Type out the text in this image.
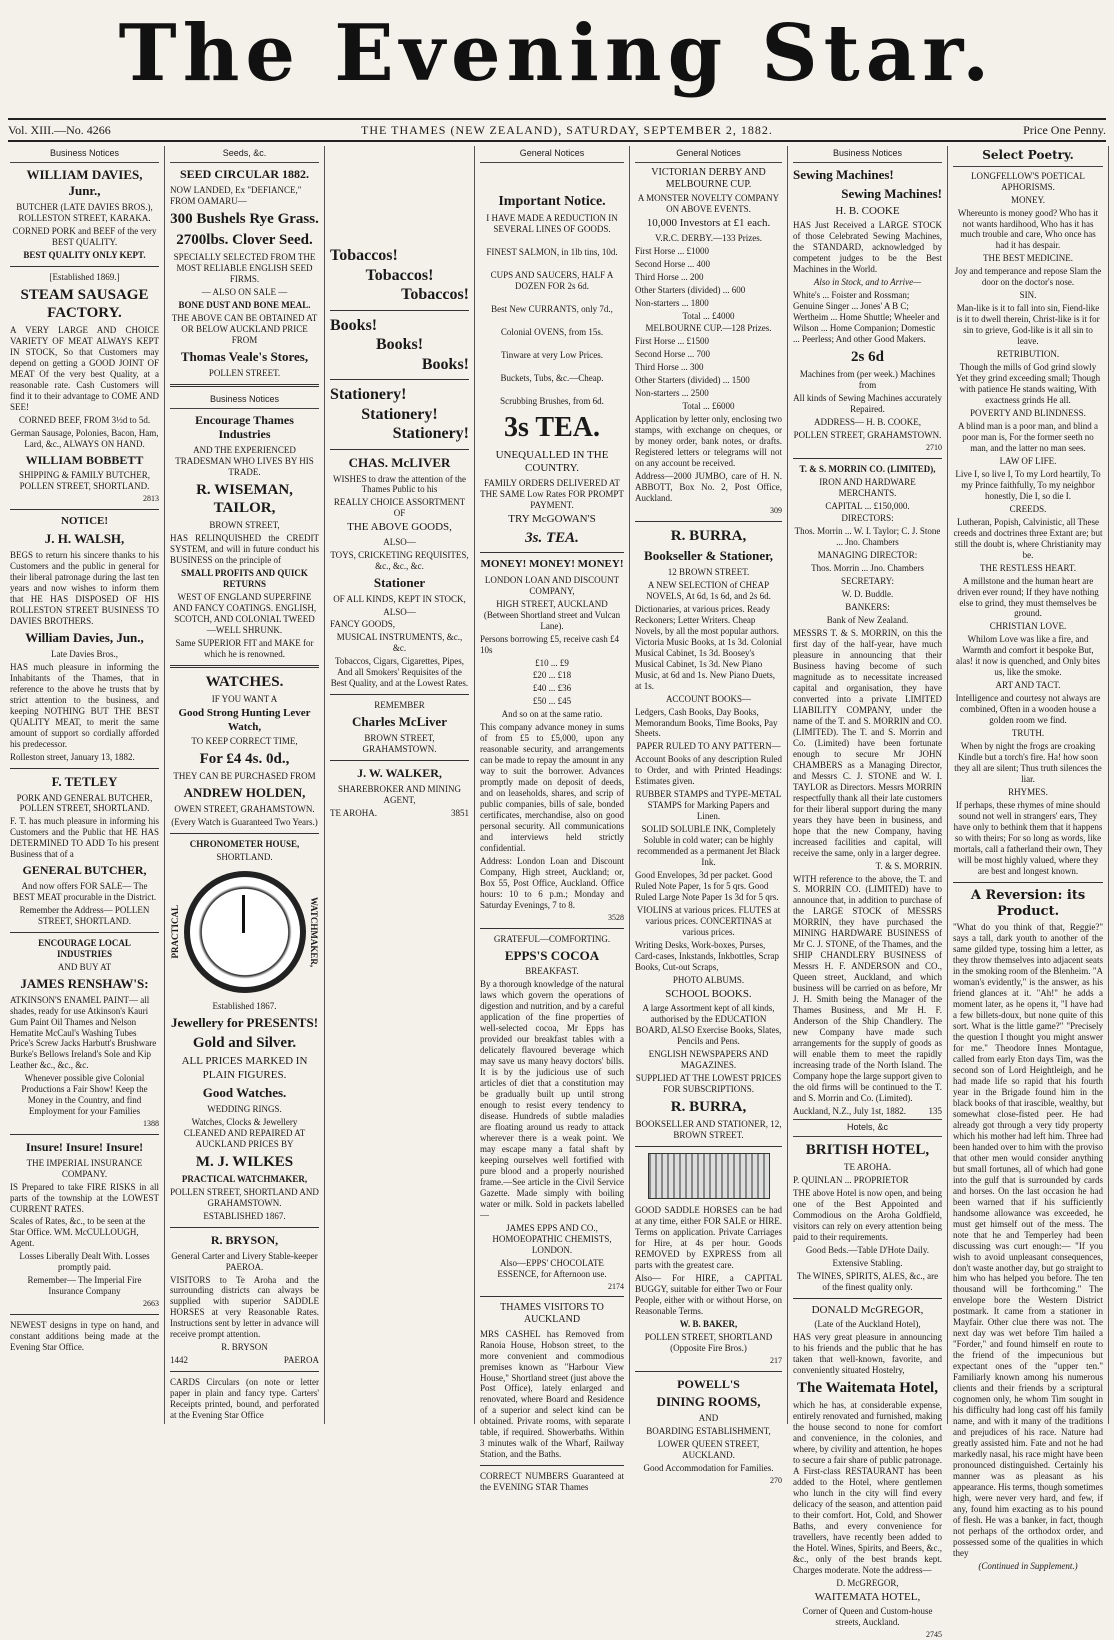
The Evening Star.
Vol. XIII.—No. 4266	THE THAMES (NEW ZEALAND), SATURDAY, SEPTEMBER 2, 1882.	Price One Penny.
Business Notices
WILLIAM DAVIES, Junr.,

BUTCHER (LATE DAVIES BROS.), ROLLESTON STREET, KARAKA.

CORNED PORK and BEEF of the very BEST QUALITY.

BEST QUALITY ONLY KEPT.

[Established 1869.]

STEAM SAUSAGE FACTORY.

A VERY LARGE AND CHOICE VARIETY OF MEAT ALWAYS KEPT IN STOCK, So that Customers may depend on getting a GOOD JOINT OF MEAT Of the very best Quality, at a reasonable rate. Cash Customers will find it to their advantage to COME AND SEE!

CORNED BEEF, FROM 3½d to 5d.

German Sausage, Polonies, Bacon, Ham, Lard, &c., ALWAYS ON HAND.

WILLIAM BOBBETT

SHIPPING & FAMILY BUTCHER, POLLEN STREET, SHORTLAND.

2813

NOTICE!
J. H. WALSH,

BEGS to return his sincere thanks to his Customers and the public in general for their liberal patronage during the last ten years and now wishes to inform them that HE HAS DISPOSED OF HIS ROLLESTON STREET BUSINESS TO DAVIES BROTHERS.

William Davies, Jun.,

Late Davies Bros.,

HAS much pleasure in informing the Inhabitants of the Thames, that in reference to the above he trusts that by strict attention to the business, and keeping NOTHING BUT THE BEST QUALITY MEAT, to merit the same amount of support so cordially afforded his predecessor.

Rolleston street, January 13, 1882.

F. TETLEY

PORK AND GENERAL BUTCHER, POLLEN STREET, SHORTLAND.

F. T. has much pleasure in informing his Customers and the Public that HE HAS DETERMINED TO ADD To his present Business that of a

GENERAL BUTCHER,

And now offers FOR SALE— The BEST MEAT procurable in the District.

Remember the Address— POLLEN STREET, SHORTLAND.

ENCOURAGE LOCAL INDUSTRIES

AND BUY AT

JAMES RENSHAW'S:

ATKINSON'S ENAMEL PAINT— all shades, ready for use Atkinson's Kauri Gum Paint Oil Thames and Nelson Hematite McCaul's Washing Tubes Price's Screw Jacks Harbutt's Brushware Burke's Bellows Ireland's Sole and Kip Leather &c., &c., &c.

Whenever possible give Colonial Productions a Fair Show! Keep the Money in the Country, and find Employment for your Families

1388

Insure! Insure! Insure!

THE IMPERIAL INSURANCE COMPANY.

IS Prepared to take FIRE RISKS in all parts of the township at the LOWEST CURRENT RATES.

Scales of Rates, &c., to be seen at the Star Office. WM. McCULLOUGH, Agent.

Losses Liberally Dealt With. Losses promptly paid.

Remember— The Imperial Fire Insurance Company

2663

NEWEST designs in type on hand, and constant additions being made at the Evening Star Office.

Seeds, &c.
SEED CIRCULAR 1882.

NOW LANDED, Ex "DEFIANCE," FROM OAMARU—

300 Bushels Rye Grass.
2700lbs. Clover Seed.

SPECIALLY SELECTED FROM THE MOST RELIABLE ENGLISH SEED FIRMS.

— ALSO ON SALE —

BONE DUST AND BONE MEAL.

THE ABOVE CAN BE OBTAINED AT OR BELOW AUCKLAND PRICE FROM

Thomas Veale's Stores,

POLLEN STREET.

Business Notices
Encourage Thames Industries

AND THE EXPERIENCED TRADESMAN WHO LIVES BY HIS TRADE.

R. WISEMAN, TAILOR,

BROWN STREET,

HAS RELINQUISHED the CREDIT SYSTEM, and will in future conduct his BUSINESS on the principle of

SMALL PROFITS AND QUICK RETURNS

WEST OF ENGLAND SUPERFINE AND FANCY COATINGS. ENGLISH, SCOTCH, AND COLONIAL TWEED—WELL SHRUNK.

Same SUPERIOR FIT and MAKE for which he is renowned.

WATCHES.

IF YOU WANT A

Good Strong Hunting Lever Watch,

TO KEEP CORRECT TIME,

For £4 4s. 0d.,

THEY CAN BE PURCHASED FROM

ANDREW HOLDEN,

OWEN STREET, GRAHAMSTOWN.

(Every Watch is Guaranteed Two Years.)

CHRONOMETER HOUSE,

SHORTLAND.

PRACTICAL	WATCHMAKER,

Established 1867.

Jewellery for PRESENTS!
Gold and Silver.

ALL PRICES MARKED IN PLAIN FIGURES.

Good Watches.

WEDDING RINGS.

Watches, Clocks & Jewellery CLEANED AND REPAIRED AT AUCKLAND PRICES BY

M. J. WILKES

PRACTICAL WATCHMAKER,

POLLEN STREET, SHORTLAND AND GRAHAMSTOWN.

ESTABLISHED 1867.

R. BRYSON,

General Carter and Livery Stable-keeper PAEROA.

VISITORS to Te Aroha and the surrounding districts can always be supplied with superior SADDLE HORSES at very Reasonable Rates. Instructions sent by letter in advance will receive prompt attention.

R. BRYSON

1442	PAEROA

CARDS Circulars (on note or letter paper in plain and fancy type. Carters' Receipts printed, bound, and perforated at the Evening Star Office

Tobaccos!
Tobaccos!
Tobaccos!
Books!
Books!
Books!
Stationery!
Stationery!
Stationery!
CHAS. McLIVER

WISHES to draw the attention of the Thames Public to his

REALLY CHOICE ASSORTMENT OF

THE ABOVE GOODS,

ALSO—

TOYS, CRICKETING REQUISITES, &c., &c., &c.

Stationer

OF ALL KINDS, KEPT IN STOCK,

ALSO—

FANCY GOODS,

MUSICAL INSTRUMENTS, &c., &c.

Tobaccos, Cigars, Cigarettes, Pipes, And all Smokers' Requisites of the Best Quality, and at the Lowest Rates.

REMEMBER

Charles McLiver

BROWN STREET, GRAHAMSTOWN.

J. W. WALKER,

SHAREBROKER AND MINING AGENT,

TE AROHA.	3851

General Notices
Important Notice.

I HAVE MADE A REDUCTION IN SEVERAL LINES OF GOODS.

FINEST SALMON, in 1lb tins, 10d.

CUPS AND SAUCERS, HALF A DOZEN FOR 2s 6d.

Best New CURRANTS, only 7d.,

Colonial OVENS, from 15s.

Tinware at very Low Prices.

Buckets, Tubs, &c.—Cheap.

Scrubbing Brushes, from 6d.

3s TEA.

UNEQUALLED IN THE COUNTRY.

FAMILY ORDERS DELIVERED AT THE SAME Low Rates FOR PROMPT PAYMENT.

TRY McGOWAN'S

3s. TEA.
MONEY! MONEY! MONEY!

LONDON LOAN AND DISCOUNT COMPANY,

HIGH STREET, AUCKLAND (Between Shortland street and Vulcan Lane).

Persons borrowing £5, receive cash £4 10s

£10 ... £9

£20 ... £18

£40 ... £36

£50 ... £45

And so on at the same ratio.

This company advance money in sums of from £5 to £5,000, upon any reasonable security, and arrangements can be made to repay the amount in any way to suit the borrower. Advances promptly made on deposit of deeds, and on leaseholds, shares, and scrip of public companies, bills of sale, bonded certificates, merchandise, also on good personal security. All communications and interviews held strictly confidential.

Address: London Loan and Discount Company, High street, Auckland; or, Box 55, Post Office, Auckland. Office hours: 10 to 6 p.m.; Monday and Saturday Evenings, 7 to 8.

3528

GRATEFUL—COMFORTING.

EPPS'S COCOA

BREAKFAST.

By a thorough knowledge of the natural laws which govern the operations of digestion and nutrition, and by a careful application of the fine properties of well-selected cocoa, Mr Epps has provided our breakfast tables with a delicately flavoured beverage which may save us many heavy doctors' bills. It is by the judicious use of such articles of diet that a constitution may be gradually built up until strong enough to resist every tendency to disease. Hundreds of subtle maladies are floating around us ready to attack wherever there is a weak point. We may escape many a fatal shaft by keeping ourselves well fortified with pure blood and a properly nourished frame.—See article in the Civil Service Gazette. Made simply with boiling water or milk. Sold in packets labelled—

JAMES EPPS AND CO., HOMOEOPATHIC CHEMISTS, LONDON.

Also—EPPS' CHOCOLATE ESSENCE, for Afternoon use.

2174

THAMES VISITORS TO AUCKLAND

MRS CASHEL has Removed from Ranoia House, Hobson street, to the more convenient and commodious premises known as "Harbour View House," Shortland street (just above the Post Office), lately enlarged and renovated, where Board and Residence of a superior and select kind can be obtained. Private rooms, with separate table, if required. Showerbaths. Within 3 minutes walk of the Wharf, Railway Station, and the Baths.

CORRECT NUMBERS Guaranteed at the EVENING STAR Thames

General Notices

VICTORIAN DERBY AND MELBOURNE CUP.

A MONSTER NOVELTY COMPANY ON ABOVE EVENTS.

10,000 Investors at £1 each.

V.R.C. DERBY.—133 Prizes.

First Horse ... £1000

Second Horse ... 400

Third Horse ... 200

Other Starters (divided) ... 600

Non-starters ... 1800

Total ... £4000

MELBOURNE CUP.—128 Prizes.

First Horse ... £1500

Second Horse ... 700

Third Horse ... 300

Other Starters (divided) ... 1500

Non-starters ... 2500

Total ... £6000

Application by letter only, enclosing two stamps, with exchange on cheques, or by money order, bank notes, or drafts. Registered letters or telegrams will not on any account be received.

Address—2000 JUMBO, care of H. N. ABBOTT, Box No. 2, Post Office, Auckland.

309

R. BURRA,
Bookseller & Stationer,

12 BROWN STREET.

A NEW SELECTION of CHEAP NOVELS, At 6d, 1s 6d, and 2s 6d.

Dictionaries, at various prices. Ready Reckoners; Letter Writers. Cheap Novels, by all the most popular authors. Victoria Music Books, at 1s 3d. Colonial Musical Cabinet, 1s 3d. Boosey's Musical Cabinet, 1s 3d. New Piano Music, at 6d and 1s. New Piano Duets, at 1s.

ACCOUNT BOOKS—

Ledgers, Cash Books, Day Books, Memorandum Books, Time Books, Pay Sheets.

PAPER RULED TO ANY PATTERN—

Account Books of any description Ruled to Order, and with Printed Headings: Estimates given.

RUBBER STAMPS and TYPE-METAL STAMPS for Marking Papers and Linen.

SOLID SOLUBLE INK, Completely Soluble in cold water; can be highly recommended as a permanent Jet Black Ink.

Good Envelopes, 3d per packet. Good Ruled Note Paper, 1s for 5 qrs. Good Ruled Large Note Paper 1s 3d for 5 qrs.

VIOLINS at various prices. FLUTES at various prices. CONCERTINAS at various prices.

Writing Desks, Work-boxes, Purses, Card-cases, Inkstands, Inkbottles, Scrap Books, Cut-out Scraps,

PHOTO ALBUMS.

SCHOOL BOOKS.

A large Assortment kept of all kinds, authorised by the EDUCATION BOARD, ALSO Exercise Books, Slates, Pencils and Pens.

ENGLISH NEWSPAPERS AND MAGAZINES.

SUPPLIED AT THE LOWEST PRICES FOR SUBSCRIPTIONS.

R. BURRA,

BOOKSELLER AND STATIONER, 12, BROWN STREET.

GOOD SADDLE HORSES can be had at any time, either FOR SALE or HIRE. Terms on application. Private Carriages for Hire, at 4s per hour. Goods REMOVED by EXPRESS from all parts with the greatest care.

Also— For HIRE, a CAPITAL BUGGY, suitable for either Two or Four People, either with or without Horse, on Reasonable Terms.

W. B. BAKER,

POLLEN STREET, SHORTLAND (Opposite Fire Bros.)

217

POWELL'S
DINING ROOMS,

AND

BOARDING ESTABLISHMENT,

LOWER QUEEN STREET, AUCKLAND.

Good Accommodation for Families.

270

Business Notices
Sewing Machines!
Sewing Machines!

H. B. COOKE

HAS Just Received a LARGE STOCK of those Celebrated Sewing Machines, the STANDARD, acknowledged by competent judges to be the Best Machines in the World.

Also in Stock, and to Arrive—

White's ... Foister and Rossman; Genuine Singer ... Jones' A B C; Wertheim ... Home Shuttle; Wheeler and Wilson ... Home Companion; Domestic ... Peerless; And other Good Makers.

2s 6d

Machines from (per week.) Machines from

All kinds of Sewing Machines accurately Repaired.

ADDRESS— H. B. COOKE,

POLLEN STREET, GRAHAMSTOWN.

2710

T. & S. MORRIN CO. (LIMITED),

IRON AND HARDWARE MERCHANTS.

CAPITAL ... £150,000.

DIRECTORS:

Thos. Morrin ... W. I. Taylor; C. J. Stone ... Jno. Chambers

MANAGING DIRECTOR:

Thos. Morrin ... Jno. Chambers

SECRETARY:

W. D. Buddle.

BANKERS:

Bank of New Zealand.

MESSRS T. & S. MORRIN, on this the first day of the half-year, have much pleasure in announcing that their Business having become of such magnitude as to necessitate increased capital and organisation, they have converted into a private LIMITED LIABILITY COMPANY, under the name of the T. and S. MORRIN and CO. (LIMITED). The T. and S. Morrin and Co. (Limited) have been fortunate enough to secure Mr JOHN CHAMBERS as a Managing Director, and Messrs C. J. STONE and W. I. TAYLOR as Directors. Messrs MORRIN respectfully thank all their late customers for their liberal support during the many years they have been in business, and hope that the new Company, having increased facilities and capital, will receive the same, only in a larger degree.

T. & S. MORRIN.

WITH reference to the above, the T. and S. MORRIN CO. (LIMITED) have to announce that, in addition to purchase of the LARGE STOCK of MESSRS MORRIN, they have purchased the MINING HARDWARE BUSINESS of Mr C. J. STONE, of the Thames, and the SHIP CHANDLERY BUSINESS of Messrs H. F. ANDERSON and CO., Queen street, Auckland, and which business will be carried on as before, Mr J. H. Smith being the Manager of the Thames Business, and Mr H. F. Anderson of the Ship Chandlery. The new Company have made such arrangements for the supply of goods as will enable them to meet the rapidly increasing trade of the North Island. The Company hope the large support given to the old firms will be continued to the T. and S. Morrin and Co. (Limited).

Auckland, N.Z., July 1st, 1882.	135

Hotels, &c
BRITISH HOTEL,

TE AROHA.

P. QUINLAN ... PROPRIETOR

THE above Hotel is now open, and being one of the Best Appointed and Commodious on the Aroha Goldfield, visitors can rely on every attention being paid to their requirements.

Good Beds.—Table D'Hote Daily.

Extensive Stabling.

The WINES, SPIRITS, ALES, &c., are of the finest quality only.

DONALD McGREGOR,

(Late of the Auckland Hotel),

HAS very great pleasure in announcing to his friends and the public that he has taken that well-known, favorite, and conveniently situated Hostelry,

The Waitemata Hotel,

which he has, at considerable expense, entirely renovated and furnished, making the house second to none for comfort and convenience, in the colonies, and where, by civility and attention, he hopes to secure a fair share of public patronage. A First-class RESTAURANT has been added to the Hotel, where gentlemen who lunch in the city will find every delicacy of the season, and attention paid to their comfort. Hot, Cold, and Shower Baths, and every convenience for travellers, have recently been added to the Hotel. Wines, Spirits, and Beers, &c., &c., only of the best brands kept. Charges moderate. Note the address—

D. McGREGOR,

WAITEMATA HOTEL,

Corner of Queen and Custom-house streets, Auckland.

2745

Select Poetry.

LONGFELLOW'S POETICAL APHORISMS.

MONEY.

Whereunto is money good? Who has it not wants hardihood, Who has it has much trouble and care, Who once has had it has despair.

THE BEST MEDICINE.

Joy and temperance and repose Slam the door on the doctor's nose.

SIN.

Man-like is it to fall into sin, Fiend-like is it to dwell therein, Christ-like is it for sin to grieve, God-like is it all sin to leave.

RETRIBUTION.

Though the mills of God grind slowly Yet they grind exceeding small; Though with patience He stands waiting, With exactness grinds He all.

POVERTY AND BLINDNESS.

A blind man is a poor man, and blind a poor man is, For the former seeth no man, and the latter no man sees.

LAW OF LIFE.

Live I, so live I, To my Lord heartily, To my Prince faithfully, To my neighbor honestly, Die I, so die I.

CREEDS.

Lutheran, Popish, Calvinistic, all These creeds and doctrines three Extant are; but still the doubt is, where Christianity may be.

THE RESTLESS HEART.

A millstone and the human heart are driven ever round; If they have nothing else to grind, they must themselves be ground.

CHRISTIAN LOVE.

Whilom Love was like a fire, and Warmth and comfort it bespoke But, alas! it now is quenched, and Only bites us, like the smoke.

ART AND TACT.

Intelligence and courtesy not always are combined, Often in a wooden house a golden room we find.

TRUTH.

When by night the frogs are croaking Kindle but a torch's fire. Ha! how soon they all are silent; Thus truth silences the liar.

RHYMES.

If perhaps, these rhymes of mine should sound not well in strangers' ears, They have only to bethink them that it happens so with theirs; For so long as words, like mortals, call a fatherland their own, They will be most highly valued, where they are best and longest known.

A Reversion: its Product.

"What do you think of that, Reggie?" says a tall, dark youth to another of the same gilded type, tossing him a letter, as they throw themselves into adjacent seats in the smoking room of the Blenheim. "A woman's evidently," is the answer, as his friend glances at it. "Ah!" he adds a moment later, as he opens it, "I have had a few billets-doux, but none quite of this sort. What is the little game?" "Precisely the question I thought you might answer for me." Theodore Innes Montague, called from early Eton days Tim, was the second son of Lord Heightleigh, and he had made life so rapid that his fourth year in the Brigade found him in the black books of that irascible, wealthy, but somewhat close-fisted peer. He had already got through a very tidy property which his mother had left him. Three had been handed over to him with the proviso that other men would consider anything but small fortunes, all of which had gone into the gulf that is surrounded by cards and horses. On the last occasion he had been warned that if his sufficiently handsome allowance was exceeded, he must get himself out of the mess. The note that he and Temperley had been discussing was curt enough:— "If you wish to avoid unpleasant consequences, don't waste another day, but go straight to him who has helped you before. The ten thousand will be forthcoming." The envelope bore the Western District postmark. It came from a stationer in Mayfair. Other clue there was not. The next day was wet before Tim hailed a "Forder," and found himself en route to the friend of the impecunious but expectant ones of the "upper ten." Familiarly known among his numerous clients and their friends by a scriptural cognomen only, he whom Tim sought in his difficulty had long cast off his family name, and with it many of the traditions and prejudices of his race. Nature had greatly assisted him. Fate and not he had markedly nasal, his race might have been pronounced distinguished. Certainly his manner was as pleasant as his appearance. His terms, though sometimes high, were never very hard, and few, if any, found him exacting as to his pound of flesh. He was a banker, in fact, though not perhaps of the orthodox order, and possessed some of the qualities in which they

(Continued in Supplement.)
